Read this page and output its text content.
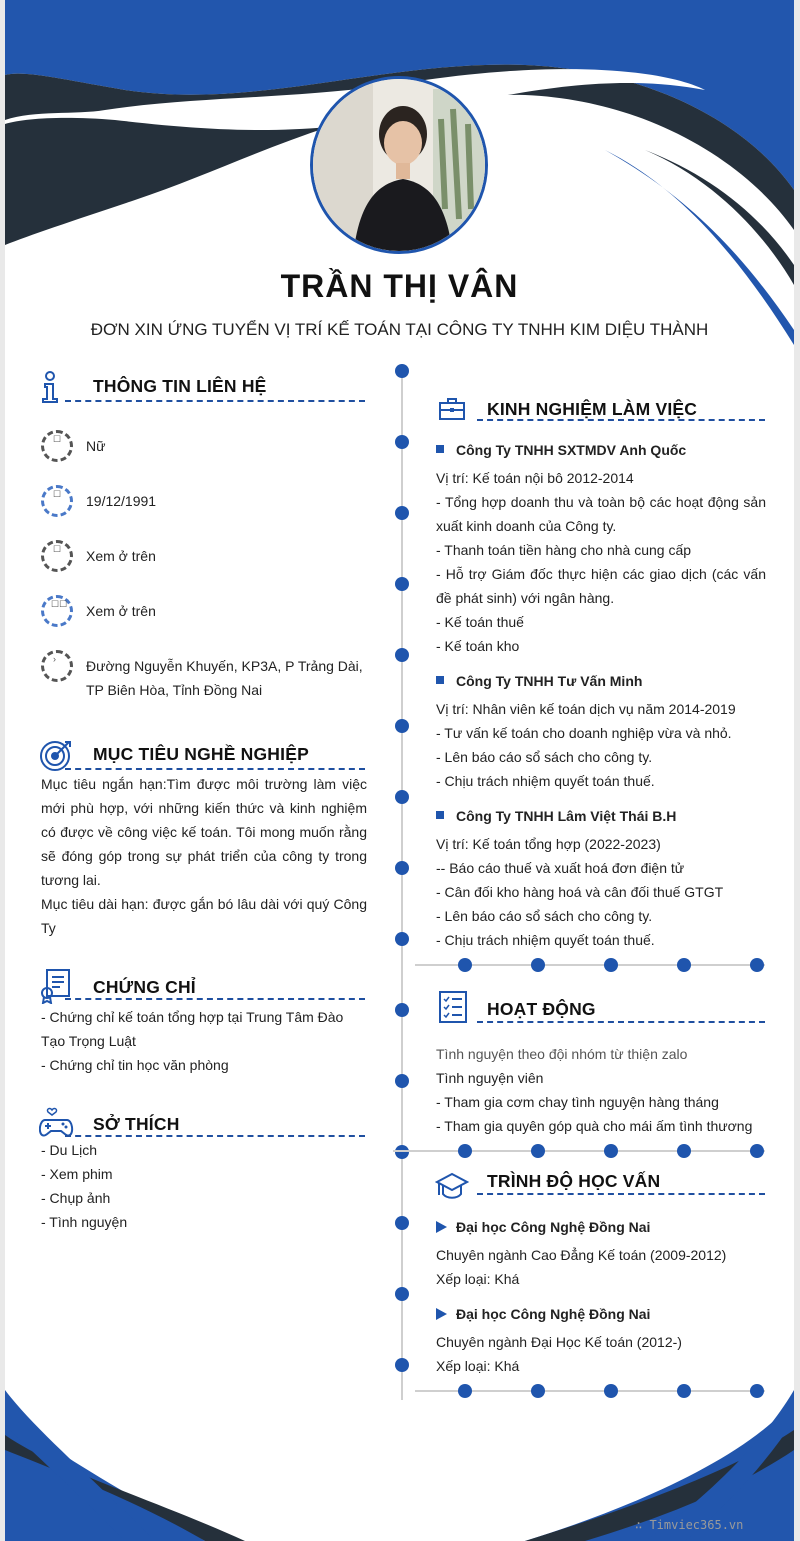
TRẦN THỊ VÂN
ĐƠN XIN ỨNG TUYỂN VỊ TRÍ KẾ TOÁN TẠI CÔNG TY TNHH KIM DIỆU THÀNH
THÔNG TIN LIÊN HỆ
☐ Nữ
☐ 19/12/1991
☐ Xem ở trên
☐☐ Xem ở trên
› Đường Nguyễn Khuyến, KP3A, P Trảng Dài,
TP Biên Hòa, Tỉnh Đồng Nai
MỤC TIÊU NGHỀ NGHIỆP
Mục tiêu ngắn hạn:Tìm được môi trường làm việc mới phù hợp, với những kiến thức và kinh nghiệm có được về công việc kế toán. Tôi mong muốn rằng sẽ đóng góp trong sự phát triển của công ty trong tương lai.
Mục tiêu dài hạn: được gắn bó lâu dài với quý Công Ty
CHỨNG CHỈ
- Chứng chỉ kế toán tổng hợp tại Trung Tâm Đào Tạo Trọng Luật
- Chứng chỉ tin học văn phòng
SỞ THÍCH
- Du Lịch
- Xem phim
- Chụp ảnh
- Tình nguyện
KINH NGHIỆM LÀM VIỆC
Công Ty TNHH SXTMDV Anh Quốc
Vị trí: Kế toán nội bô 2012-2014
- Tổng hợp doanh thu và toàn bộ các hoạt động sản xuất kinh doanh của Công ty.
- Thanh toán tiền hàng cho nhà cung cấp
- Hỗ trợ Giám đốc thực hiện các giao dịch (các vấn đề phát sinh) với ngân hàng.
- Kế toán thuế
- Kế toán kho
Công Ty TNHH Tư Vấn Minh
Vị trí: Nhân viên kế toán dịch vụ năm 2014-2019
- Tư vấn kế toán cho doanh nghiệp vừa và nhỏ.
- Lên báo cáo sổ sách cho công ty.
- Chịu trách nhiệm quyết toán thuế.
Công Ty TNHH Lâm Việt Thái B.H
Vị trí: Kế toán tổng hợp (2022-2023)
-- Báo cáo thuế và xuất hoá đơn điện tử
- Cân đối kho hàng hoá và cân đối thuế GTGT
- Lên báo cáo sổ sách cho công ty.
- Chịu trách nhiệm quyết toán thuế.
HOẠT ĐỘNG
Tình nguyện theo đội nhóm từ thiện zalo
Tình nguyện viên
- Tham gia cơm chay tình nguyện hàng tháng
- Tham gia quyên góp quà cho mái ấm tình thương
TRÌNH ĐỘ HỌC VẤN
Đại học Công Nghệ Đồng Nai
Chuyên ngành Cao Đẳng Kế toán (2009-2012)
Xếp loại: Khá
Đại học Công Nghệ Đồng Nai
Chuyên ngành Đại Học Kế toán (2012-)
Xếp loại: Khá
∴ Timviec365.vn
